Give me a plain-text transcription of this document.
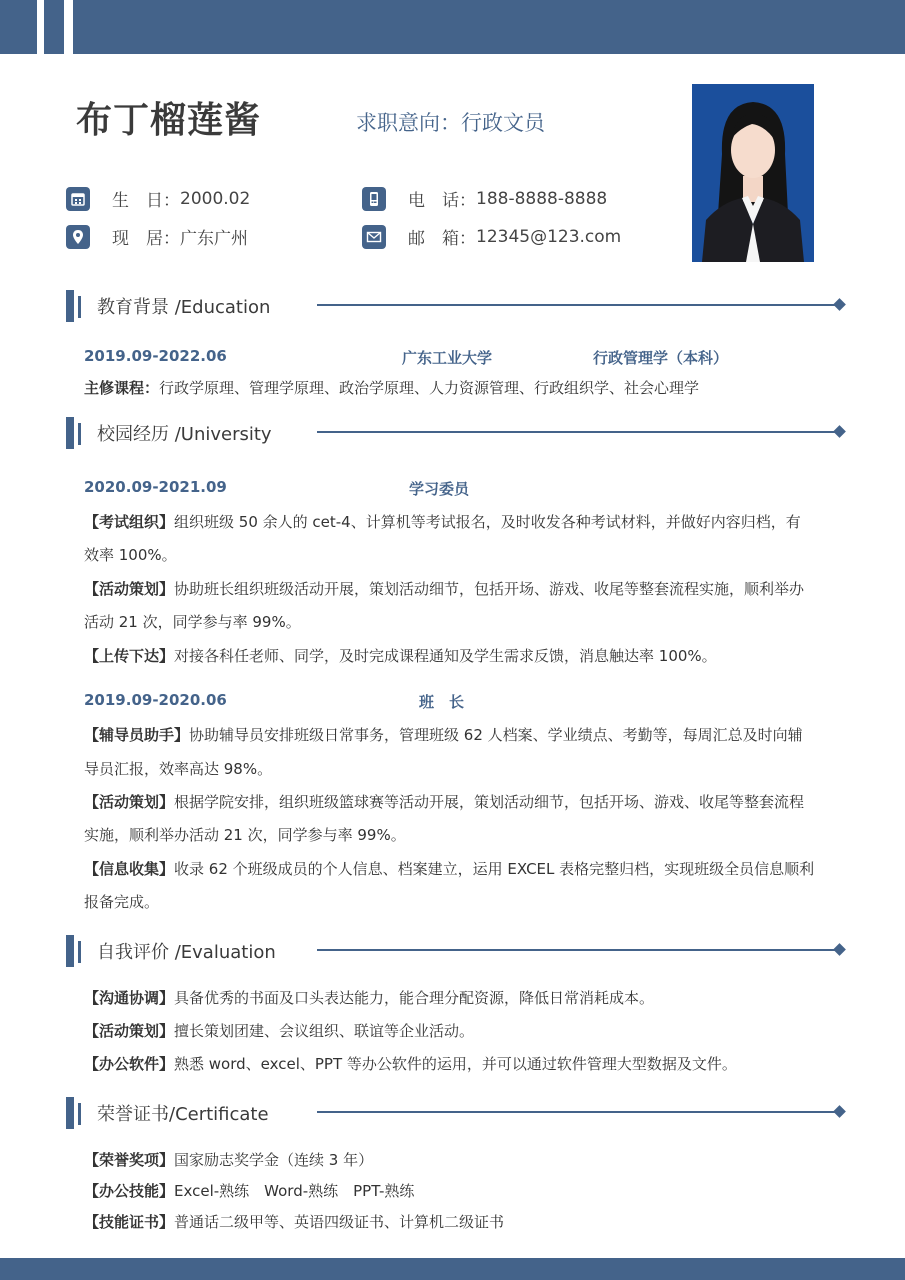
布丁榴莲酱	求职意向：行政文员
生　日： 2000.02
现　居： 广东广州
电　话： 188-8888-8888
邮　箱： 12345@123.com
教育背景 /Education
2019.09-2022.06	广东工业大学	行政管理学（本科）
主修课程：行政学原理、管理学原理、政治学原理、人力资源管理、行政组织学、社会心理学
校园经历 /University
2020.09-2021.09	学习委员
【考试组织】组织班级 50 余人的 cet-4、计算机等考试报名，及时收发各种考试材料，并做好内容归档，有
效率 100%。
【活动策划】协助班长组织班级活动开展，策划活动细节，包括开场、游戏、收尾等整套流程实施，顺利举办
活动 21 次，同学参与率 99%。
【上传下达】对接各科任老师、同学，及时完成课程通知及学生需求反馈，消息触达率 100%。
2019.09-2020.06	班　长
【辅导员助手】协助辅导员安排班级日常事务，管理班级 62 人档案、学业绩点、考勤等，每周汇总及时向辅
导员汇报，效率高达 98%。
【活动策划】根据学院安排，组织班级篮球赛等活动开展，策划活动细节，包括开场、游戏、收尾等整套流程
实施，顺利举办活动 21 次，同学参与率 99%。
【信息收集】收录 62 个班级成员的个人信息、档案建立，运用 EXCEL 表格完整归档，实现班级全员信息顺利
报备完成。
自我评价 /Evaluation
【沟通协调】具备优秀的书面及口头表达能力，能合理分配资源，降低日常消耗成本。
【活动策划】擅长策划团建、会议组织、联谊等企业活动。
【办公软件】熟悉 word、excel、PPT 等办公软件的运用，并可以通过软件管理大型数据及文件。
荣誉证书/Certificate
【荣誉奖项】国家励志奖学金（连续 3 年）
【办公技能】Excel-熟练　Word-熟练　PPT-熟练
【技能证书】普通话二级甲等、英语四级证书、计算机二级证书
